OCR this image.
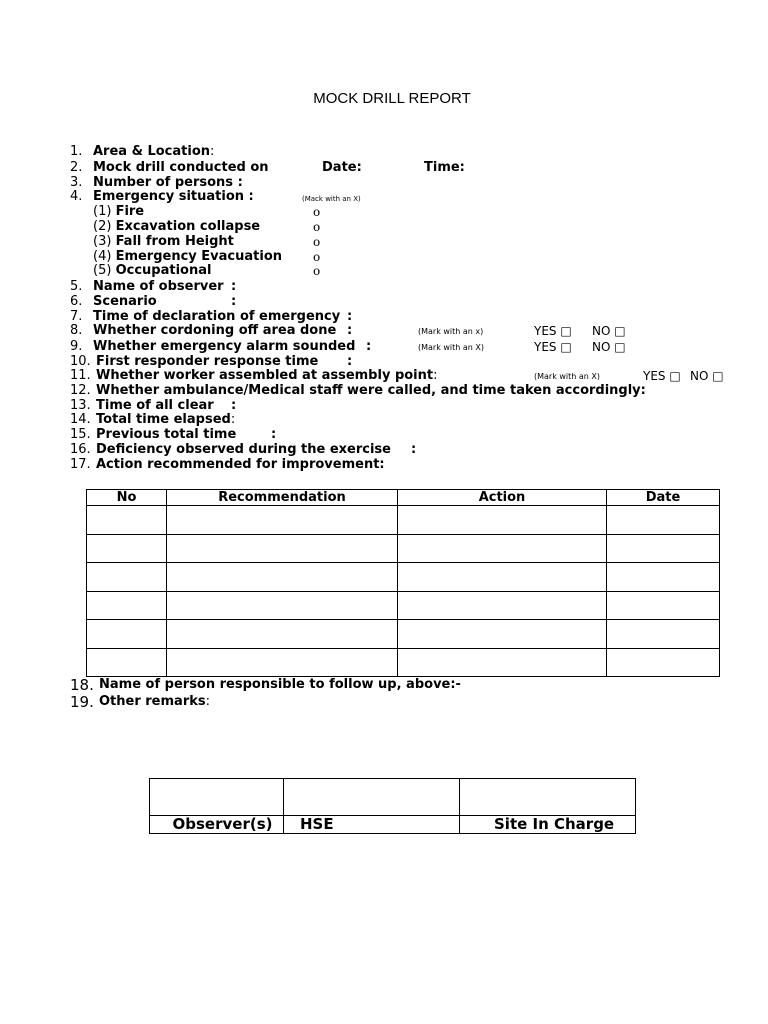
MOCK DRILL REPORT
1. Area & Location:
2. Mock drill conducted on	Date:	Time:
3. Number of persons :
4. Emergency situation :	(Mack with an X)
(1) Fire	o
(2) Excavation collapse	o
(3) Fall from Height	o
(4) Emergency Evacuation	o
(5) Occupational	o
5. Name of observer :
6. Scenario	:
7. Time of declaration of emergency :
8. Whether cordoning off area done :	(Mark with an x)	YES □ NO □
9. Whether emergency alarm sounded :	(Mark with an X)	YES □ NO □
10. First responder response time :
11. Whether worker assembled at assembly point:	(Mark with an X)	YES □ NO □
12. Whether ambulance/Medical staff were called, and time taken accordingly:
13. Time of all clear :
14. Total time elapsed:
15. Previous total time	:
16. Deficiency observed during the exercise :
17. Action recommended for improvement:
No	Recommendation	Action	Date

18. Name of person responsible to follow up, above:-
19. Other remarks:

Observer(s)	HSE	Site In Charge
